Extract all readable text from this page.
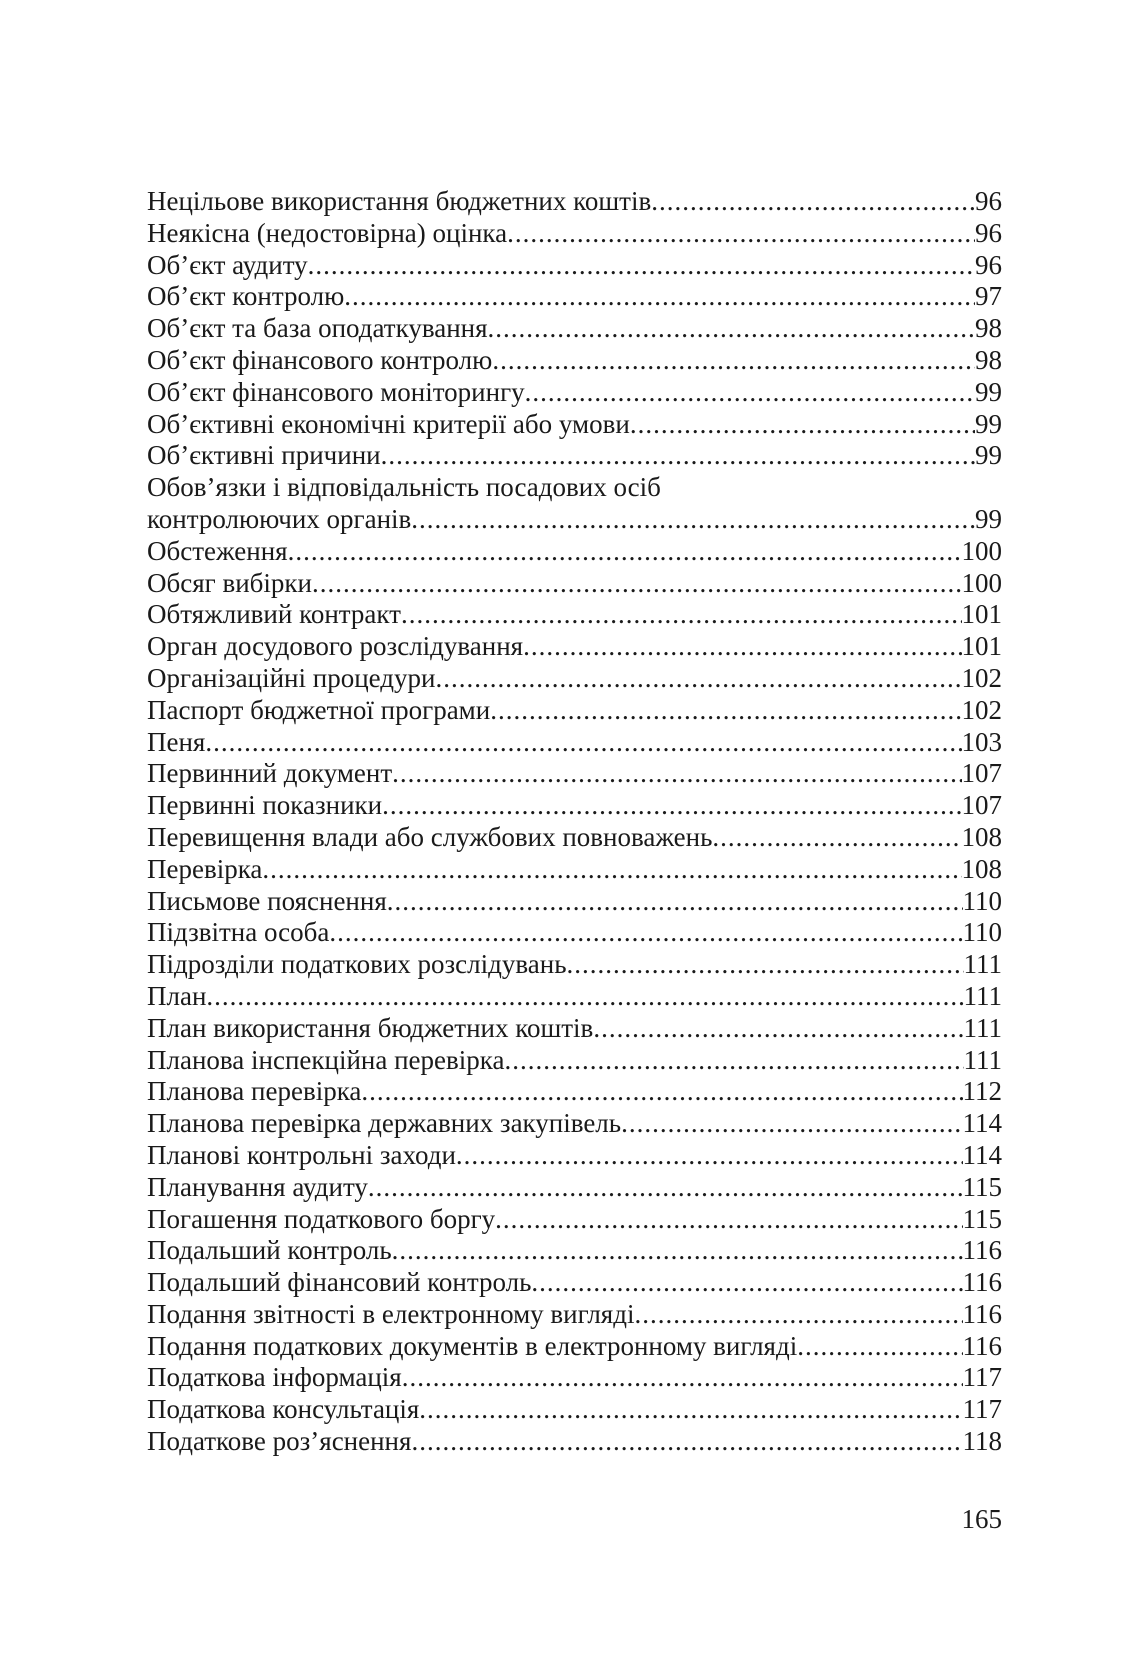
Нецільове використання бюджетних коштів .....	96
Неякісна (недостовірна) оцінка .....	96
Об’єкт аудиту .....	96
Об’єкт контролю .....	97
Об’єкт та база оподаткування .....	98
Об’єкт фінансового контролю .....	98
Об’єкт фінансового моніторингу .....	99
Об’єктивні економічні критерії або умови .....	99
Об’єктивні причини .....	99
Обов’язки і відповідальність посадових осіб
контролюючих органів .....	99
Обстеження .....	100
Обсяг вибірки .....	100
Обтяжливий контракт .....	101
Орган досудового розслідування .....	101
Організаційні процедури .....	102
Паспорт бюджетної програми .....	102
Пеня .....	103
Первинний документ .....	107
Первинні показники .....	107
Перевищення влади або службових повноважень .....	108
Перевірка .....	108
Письмове пояснення .....	110
Підзвітна особа .....	110
Підрозділи податкових розслідувань .....	111
План .....	111
План використання бюджетних коштів .....	111
Планова інспекційна перевірка .....	111
Планова перевірка .....	112
Планова перевірка державних закупівель .....	114
Планові контрольні заходи .....	114
Планування аудиту .....	115
Погашення податкового боргу .....	115
Подальший контроль .....	116
Подальший фінансовий контроль .....	116
Подання звітності в електронному вигляді .....	116
Подання податкових документів в електронному вигляді .....	116
Податкова інформація .....	117
Податкова консультація .....	117
Податкове роз’яснення .....	118
165
